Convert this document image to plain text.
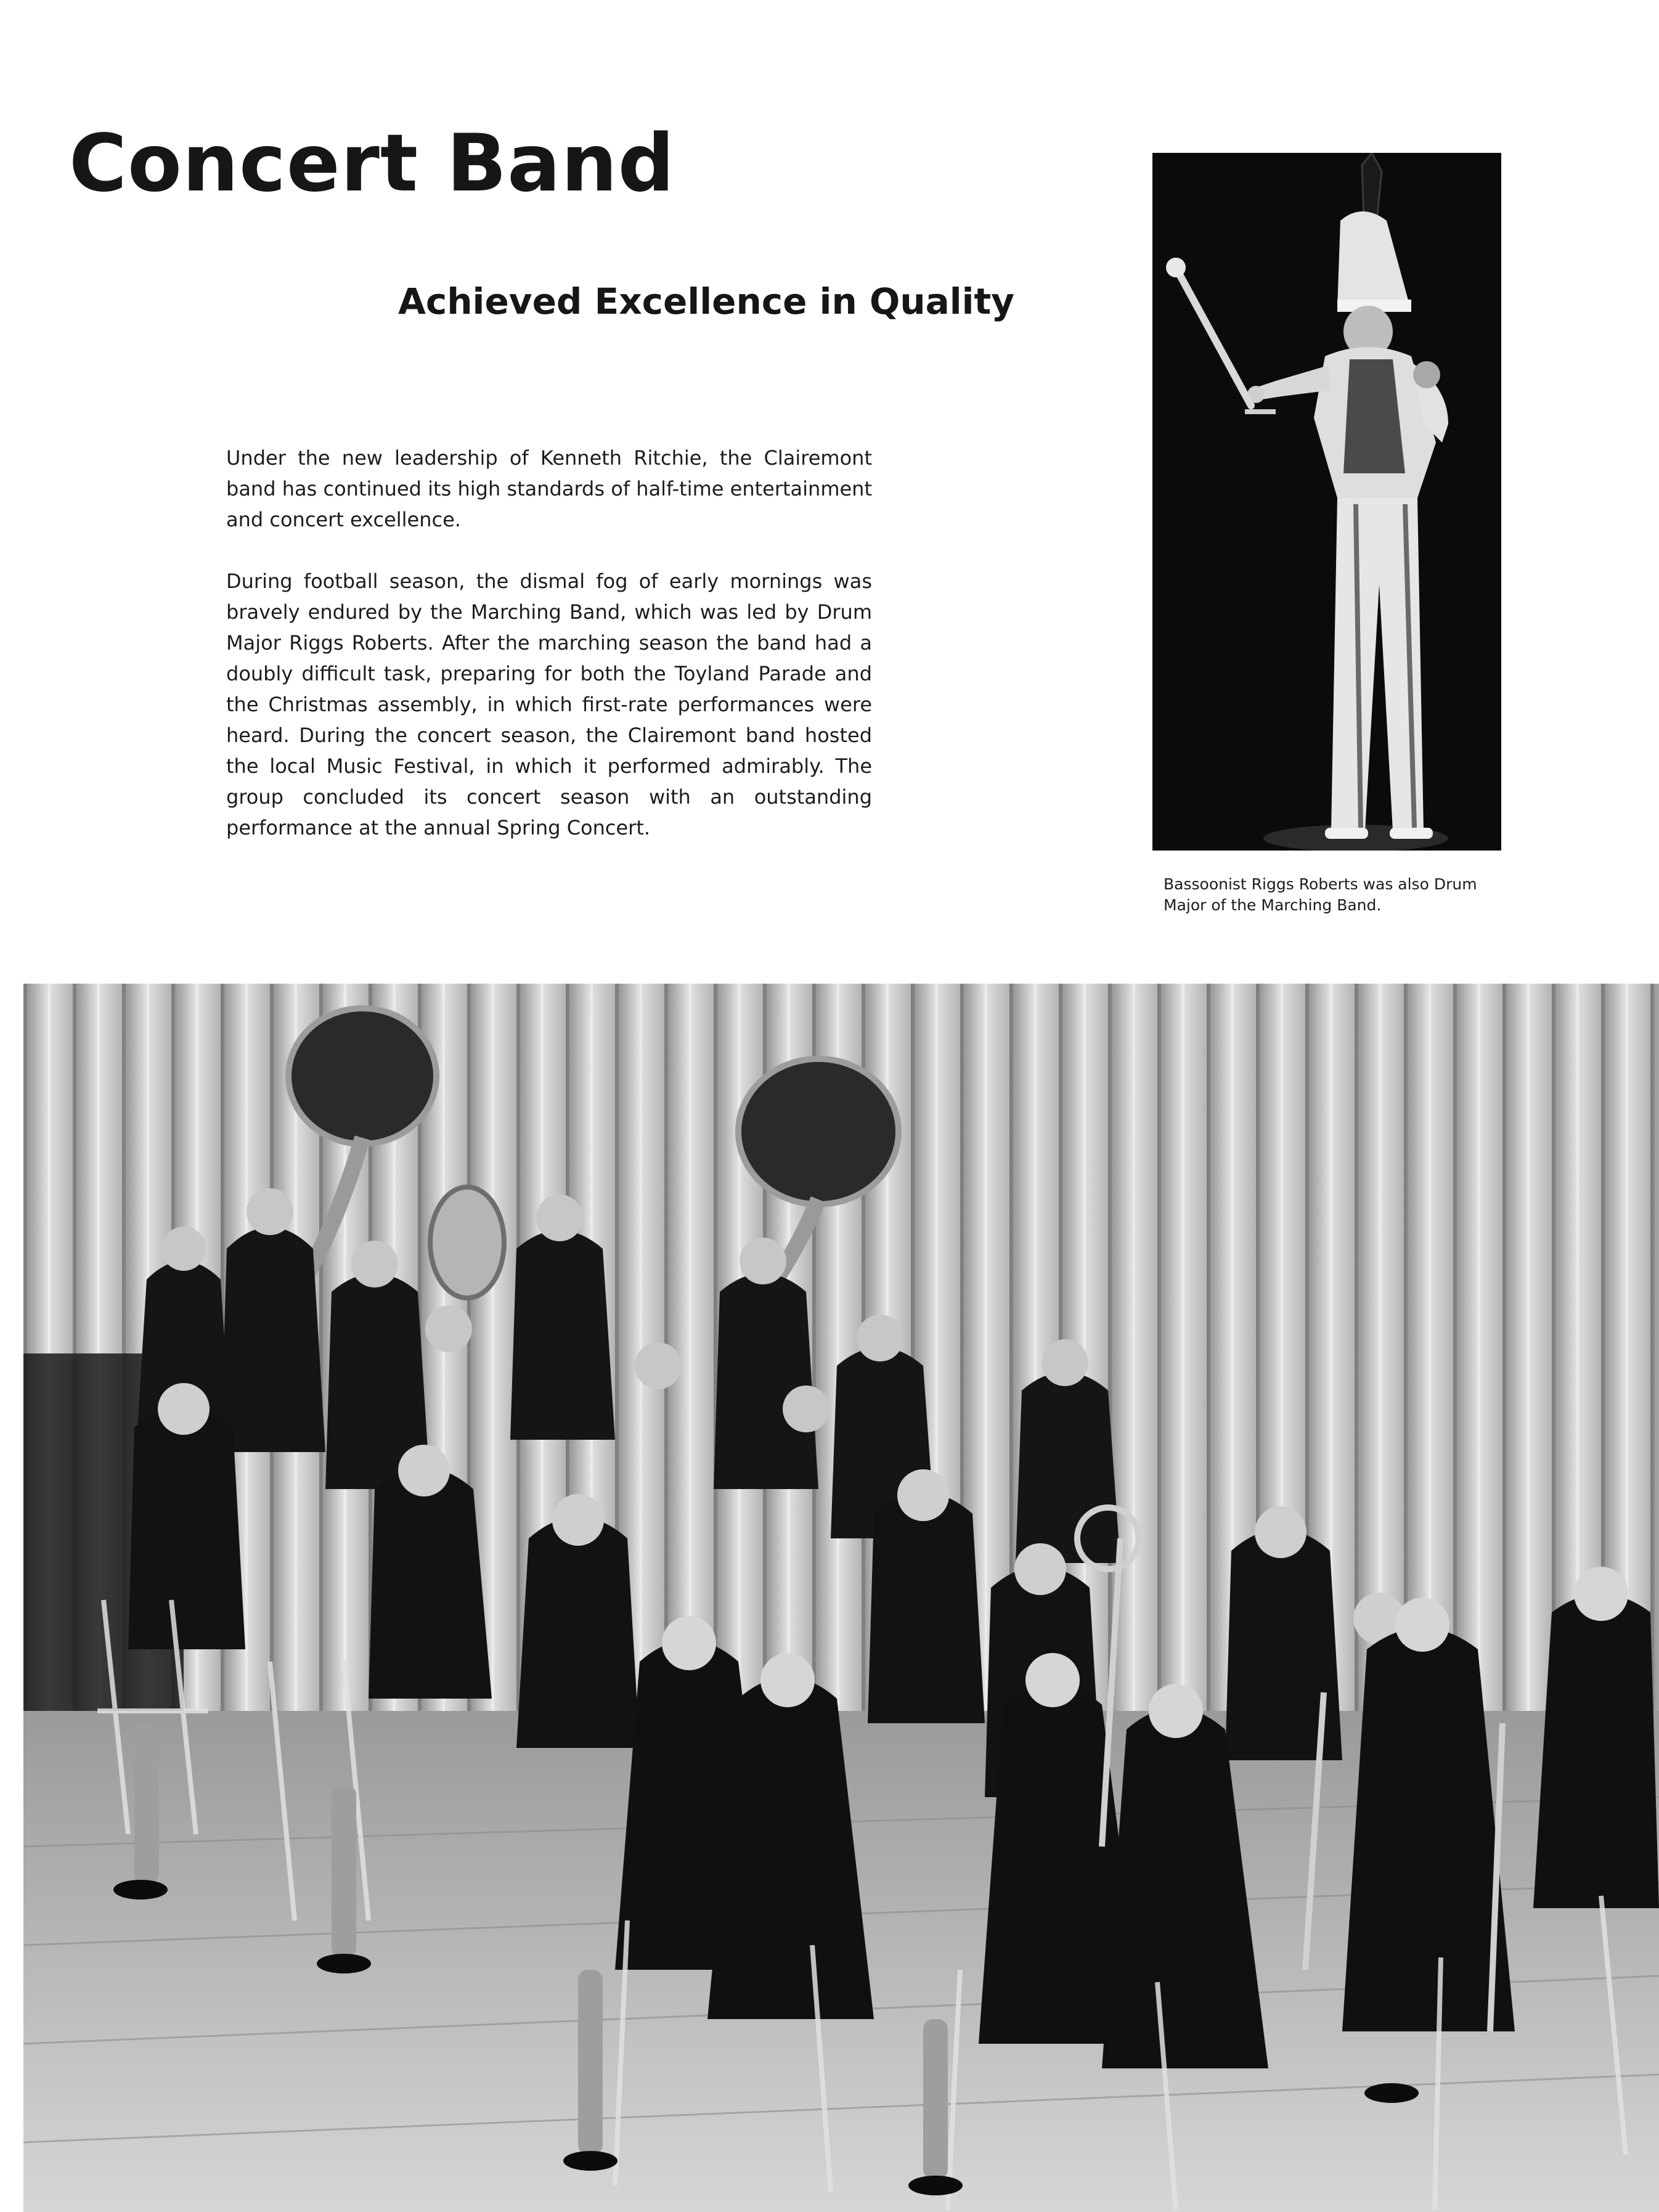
Concert Band
Achieved Excellence in Quality

Under the new leadership of Kenneth Ritchie, the Clairemont band has continued its high standards of half-time entertainment and concert excellence.

During football season, the dismal fog of early mornings was bravely endured by the Marching Band, which was led by Drum Major Riggs Roberts. After the marching season the band had a doubly difficult task, preparing for both the Toyland Parade and the Christmas assembly, in which first-rate performances were heard. During the concert season, the Clairemont band hosted the local Music Festival, in which it performed admirably. The group concluded its concert season with an outstanding performance at the annual Spring Concert.

Bassoonist Riggs Roberts was also Drum Major of the Marching Band.
